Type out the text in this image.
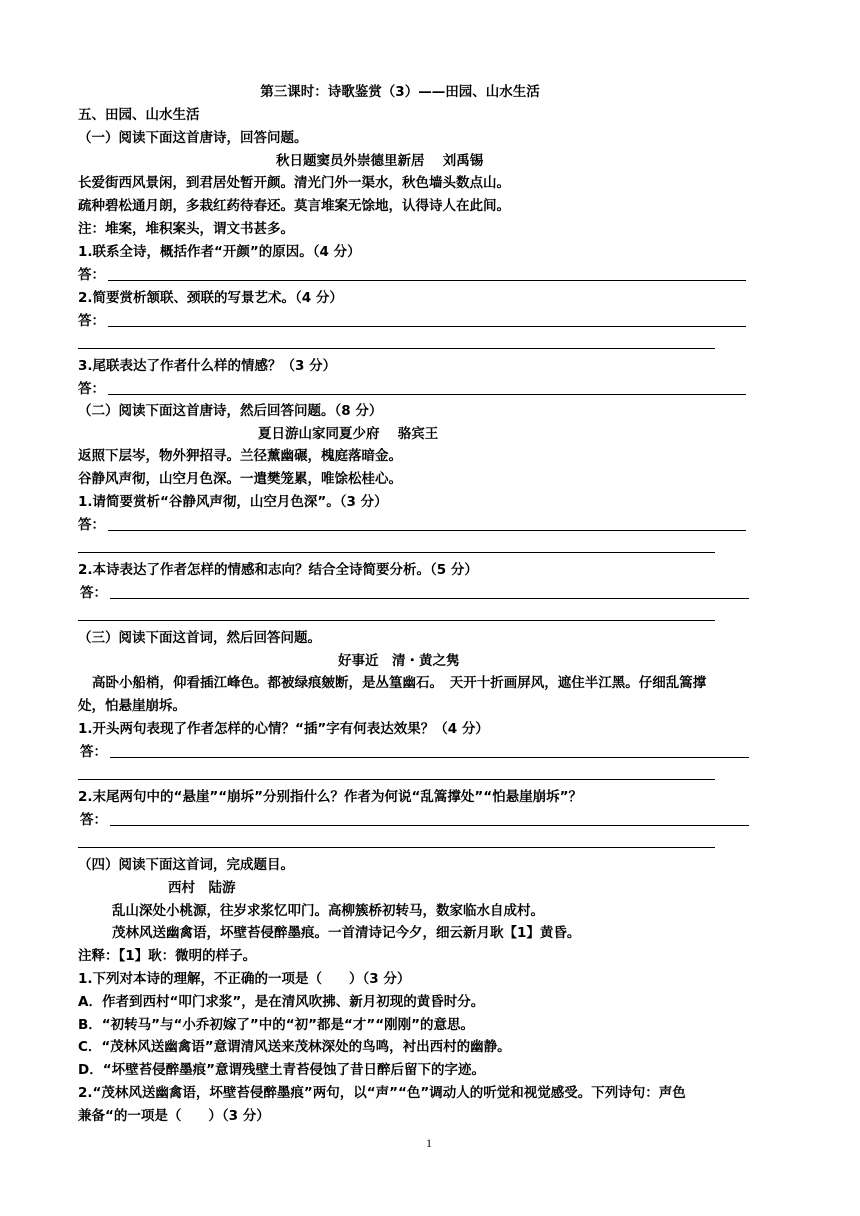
第三课时：诗歌鉴赏（3）——田园、山水生活
五、田园、山水生活
（一）阅读下面这首唐诗，回答问题。
秋日题窦员外崇德里新居　 刘禹锡
长爱街西风景闲，到君居处暂开颜。清光门外一渠水，秋色墙头数点山。
疏种碧松通月朗，多栽红药待春还。莫言堆案无馀地，认得诗人在此间。
注：堆案，堆积案头，谓文书甚多。
1.联系全诗，概括作者“开颜”的原因。（4 分）
答：
2.简要赏析颔联、颈联的写景艺术。（4 分）
答：
3.尾联表达了作者什么样的情感？（3 分）
答：
（二）阅读下面这首唐诗，然后回答问题。（8 分）
夏日游山家同夏少府　 骆宾王
返照下层岑，物外狎招寻。兰径薰幽碾，槐庭落暗金。
谷静风声彻，山空月色深。一遣樊笼累，唯馀松桂心。
1.请简要赏析“谷静风声彻，山空月色深”。（3 分）
答：
2.本诗表达了作者怎样的情感和志向？结合全诗简要分析。（5 分）
答：
（三）阅读下面这首词，然后回答问题。
好事近　清・黄之隽
高卧小船梢，仰看插江峰色。都被绿痕皴断，是丛篁幽石。　天开十折画屏风，遮住半江黑。仔细乱篙撑
处，怕悬崖崩坼。
1.开头两句表现了作者怎样的心情？“插”字有何表达效果？（4 分）
答：
2.末尾两句中的“悬崖”“崩坼”分别指什么？作者为何说“乱篙撑处”“怕悬崖崩坼”？
答：
（四）阅读下面这首词，完成题目。
西村　陆游
乱山深处小桃源，往岁求浆忆叩门。高柳簇桥初转马，数家临水自成村。
茂林风送幽禽语，坏壁苔侵醉墨痕。一首清诗记今夕，细云新月耿【1】黄昏。
注释：【1】耿：微明的样子。
1.下列对本诗的理解，不正确的一项是（　　）（3 分）
A．作者到西村“叩门求浆”，是在清风吹拂、新月初现的黄昏时分。
B．“初转马”与“小乔初嫁了”中的“初”都是“才”“刚刚”的意思。
C．“茂林风送幽禽语”意谓清风送来茂林深处的鸟鸣，衬出西村的幽静。
D．“坏壁苔侵醉墨痕”意谓残壁土青苔侵蚀了昔日醉后留下的字迹。
2.“茂林风送幽禽语，坏壁苔侵醉墨痕”两句，以“声”“色”调动人的听觉和视觉感受。下列诗句：声色
兼备“的一项是（　　）（3 分）
1
